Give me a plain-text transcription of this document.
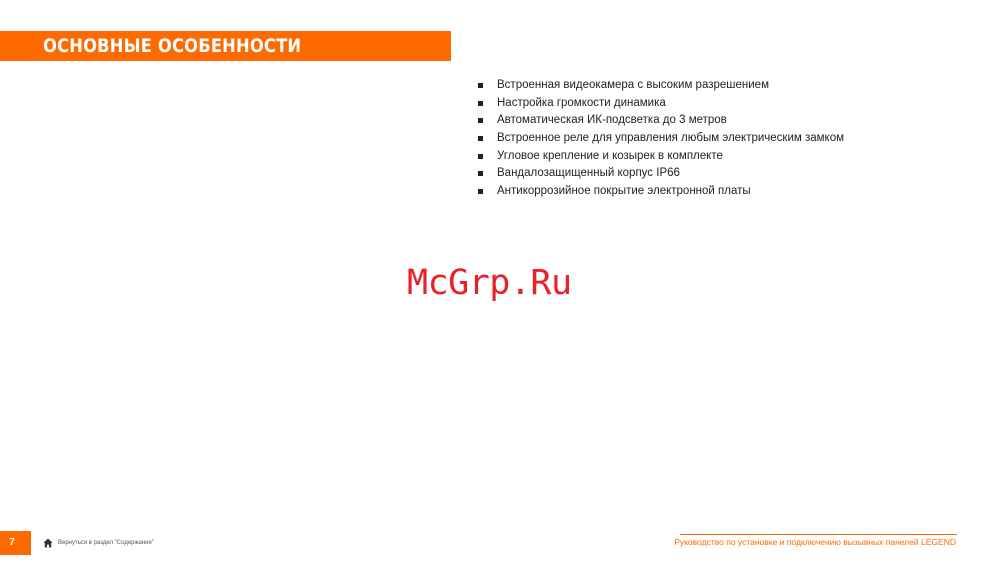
ОСНОВНЫЕ ОСОБЕННОСТИ
Встроенная видеокамера с высоким разрешением
Настройка громкости динамика
Автоматическая ИК-подсветка до 3 метров
Встроенное реле для управления любым электрическим замком
Угловое крепление и козырек в комплекте
Вандалозащищенный корпус IP66
Антикоррозийное покрытие электронной платы
McGrp.Ru
7	Вернуться в раздел "Содержание"	Руководство по установке и подключению вызывных панелей LEGEND
